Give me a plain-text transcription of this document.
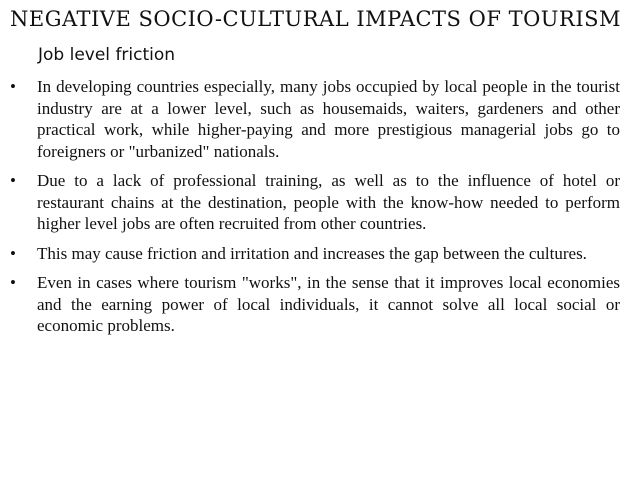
NEGATIVE SOCIO-CULTURAL IMPACTS OF TOURISM
Job level friction
• In developing countries especially, many jobs occupied by local people in the tourist industry are at a lower level, such as housemaids, waiters, gardeners and other practical work, while higher-paying and more prestigious managerial jobs go to foreigners or "urbanized" nationals.
• Due to a lack of professional training, as well as to the influence of hotel or restaurant chains at the destination, people with the know-how needed to perform higher level jobs are often recruited from other countries.
• This may cause friction and irritation and increases the gap between the cultures.
• Even in cases where tourism "works", in the sense that it improves local economies and the earning power of local individuals, it cannot solve all local social or economic problems.
